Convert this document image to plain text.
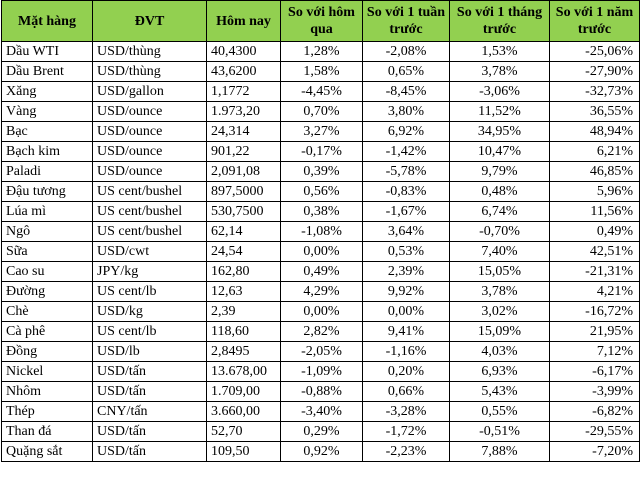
Mặt hàng	ĐVT	Hôm nay	So với hôm qua	So với 1 tuần trước	So với 1 tháng trước	So với 1 năm trước
Dầu WTI	USD/thùng	40,4300	1,28%	-2,08%	1,53%	-25,06%
Dầu Brent	USD/thùng	43,6200	1,58%	0,65%	3,78%	-27,90%
Xăng	USD/gallon	1,1772	-4,45%	-8,45%	-3,06%	-32,73%
Vàng	USD/ounce	1.973,20	0,70%	3,80%	11,52%	36,55%
Bạc	USD/ounce	24,314	3,27%	6,92%	34,95%	48,94%
Bạch kim	USD/ounce	901,22	-0,17%	-1,42%	10,47%	6,21%
Paladi	USD/ounce	2,091,08	0,39%	-5,78%	9,79%	46,85%
Đậu tương	US cent/bushel	897,5000	0,56%	-0,83%	0,48%	5,96%
Lúa mì	US cent/bushel	530,7500	0,38%	-1,67%	6,74%	11,56%
Ngô	US cent/bushel	62,14	-1,08%	3,64%	-0,70%	0,49%
Sữa	USD/cwt	24,54	0,00%	0,53%	7,40%	42,51%
Cao su	JPY/kg	162,80	0,49%	2,39%	15,05%	-21,31%
Đường	US cent/lb	12,63	4,29%	9,92%	3,78%	4,21%
Chè	USD/kg	2,39	0,00%	0,00%	3,02%	-16,72%
Cà phê	US cent/lb	118,60	2,82%	9,41%	15,09%	21,95%
Đồng	USD/lb	2,8495	-2,05%	-1,16%	4,03%	7,12%
Nickel	USD/tấn	13.678,00	-1,09%	0,20%	6,93%	-6,17%
Nhôm	USD/tấn	1.709,00	-0,88%	0,66%	5,43%	-3,99%
Thép	CNY/tấn	3.660,00	-3,40%	-3,28%	0,55%	-6,82%
Than đá	USD/tấn	52,70	0,29%	-1,72%	-0,51%	-29,55%
Quặng sắt	USD/tấn	109,50	0,92%	-2,23%	7,88%	-7,20%
